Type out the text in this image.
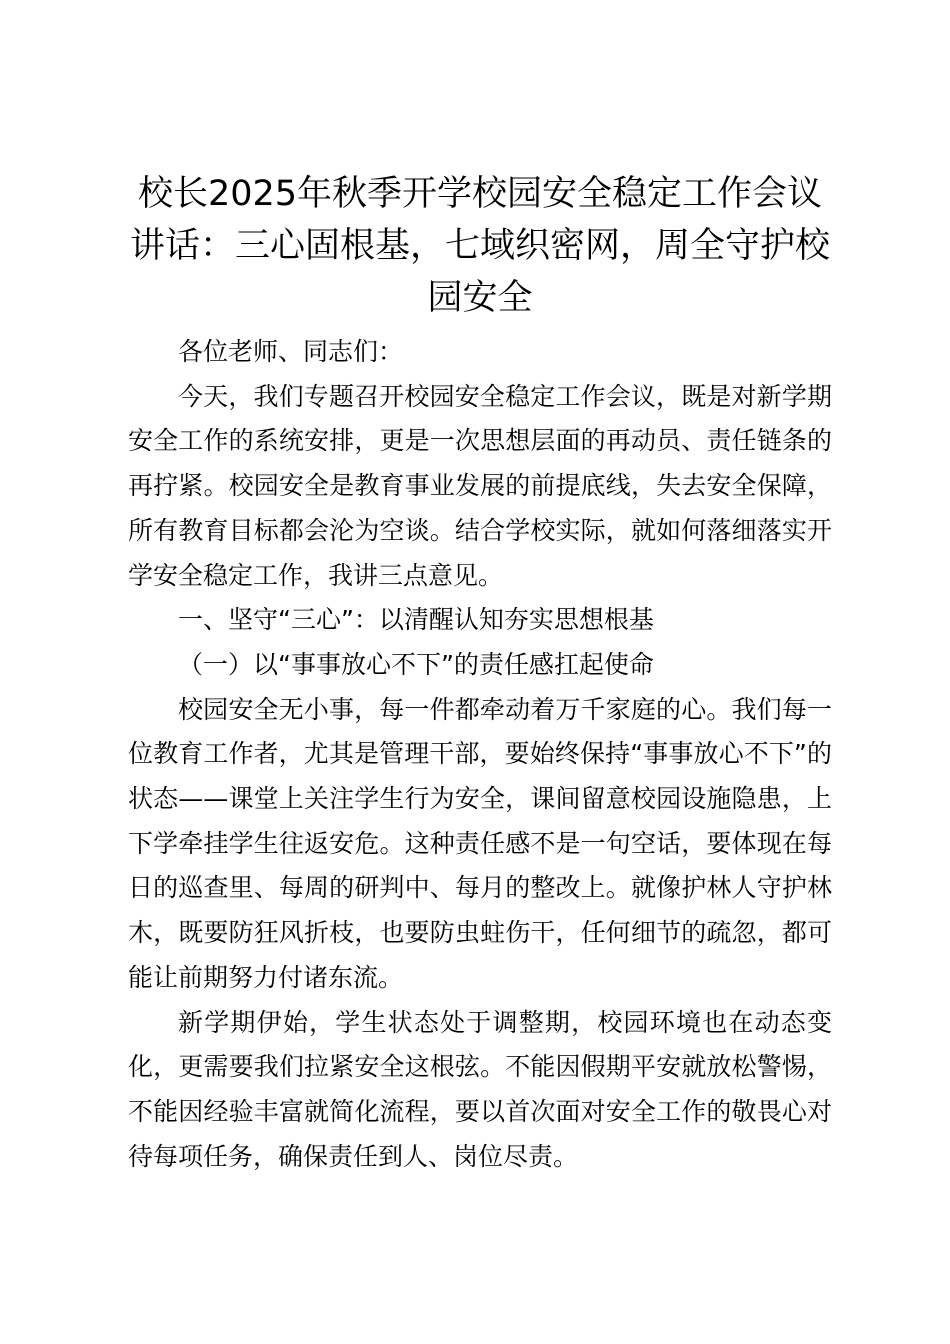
校长2025年秋季开学校园安全稳定工作会议讲话：三心固根基，七域织密网，周全守护校园安全

各位老师、同志们：

今天，我们专题召开校园安全稳定工作会议，既是对新学期安全工作的系统安排，更是一次思想层面的再动员、责任链条的再拧紧。校园安全是教育事业发展的前提底线，失去安全保障，所有教育目标都会沦为空谈。结合学校实际，就如何落细落实开学安全稳定工作，我讲三点意见。

一、坚守“三心”：以清醒认知夯实思想根基

（一）以“事事放心不下”的责任感扛起使命

校园安全无小事，每一件都牵动着万千家庭的心。我们每一位教育工作者，尤其是管理干部，要始终保持“事事放心不下”的状态——课堂上关注学生行为安全，课间留意校园设施隐患，上下学牵挂学生往返安危。这种责任感不是一句空话，要体现在每日的巡查里、每周的研判中、每月的整改上。就像护林人守护林木，既要防狂风折枝，也要防虫蛀伤干，任何细节的疏忽，都可能让前期努力付诸东流。

新学期伊始，学生状态处于调整期，校园环境也在动态变化，更需要我们拉紧安全这根弦。不能因假期平安就放松警惕，不能因经验丰富就简化流程，要以首次面对安全工作的敬畏心对待每项任务，确保责任到人、岗位尽责。
